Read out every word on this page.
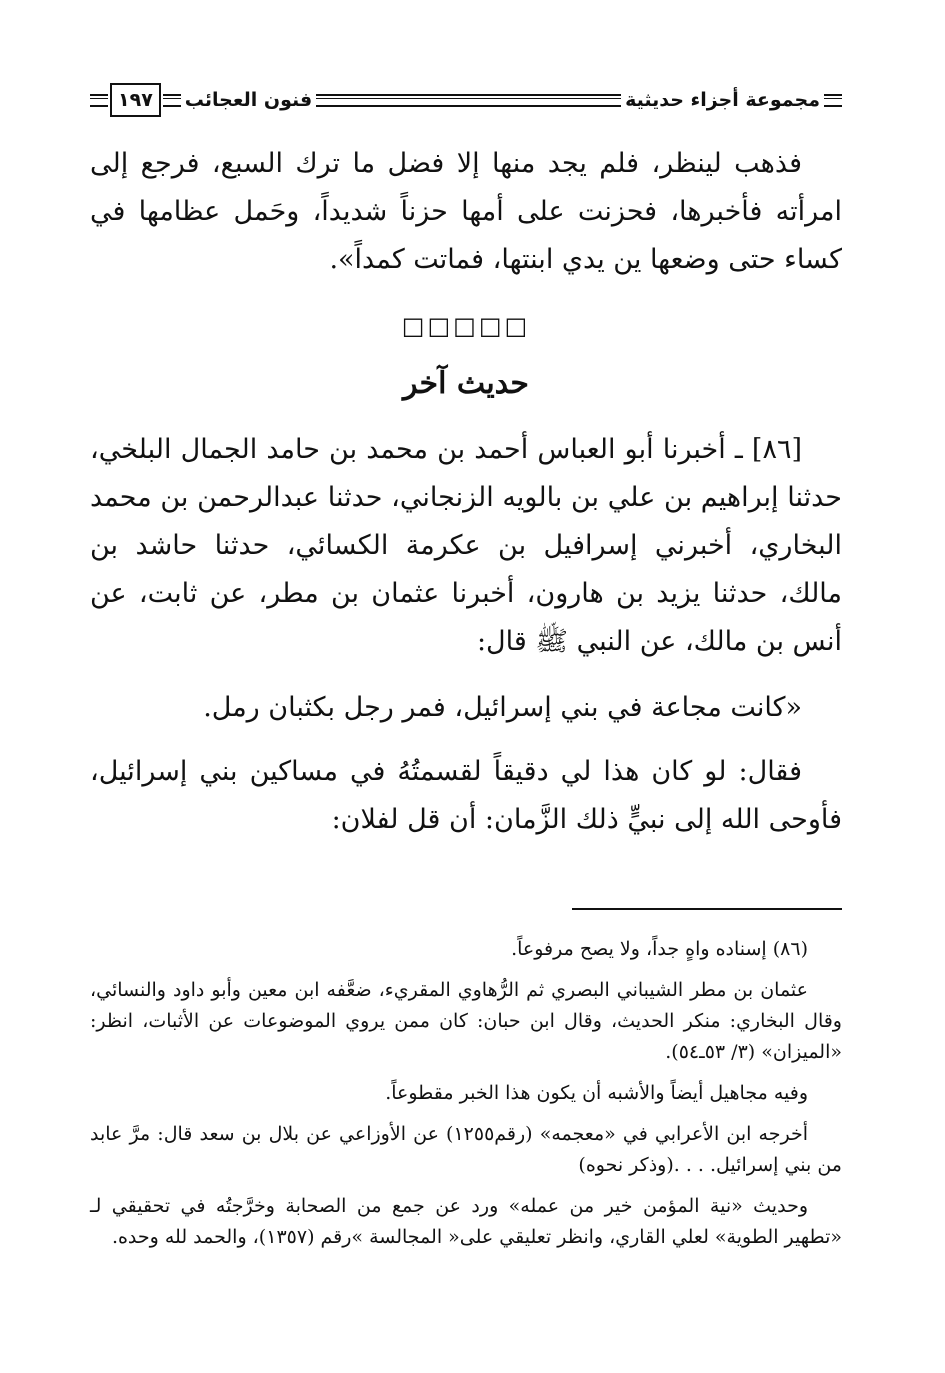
١٩٧	فنون العجائب	مجموعة أجزاء حديثية

فذهب لينظر، فلم يجد منها إلا فضل ما ترك السبع، فرجع إلى امرأته فأخبرها، فحزنت على أمها حزناً شديداً، وحَمل عظامها في كساء حتى وضعها ين يدي ابنتها، فماتت كمداً».

□□□□□
حديث آخر

[٨٦] ـ أخبرنا أبو العباس أحمد بن محمد بن حامد الجمال البلخي، حدثنا إبراهيم بن علي بن بالويه الزنجاني، حدثنا عبدالرحمن بن محمد البخاري، أخبرني إسرافيل بن عكرمة الكسائي، حدثنا حاشد بن مالك، حدثنا يزيد بن هارون، أخبرنا عثمان بن مطر، عن ثابت، عن أنس بن مالك، عن النبي ﷺ قال:

«كانت مجاعة في بني إسرائيل، فمر رجل بكثبان رمل.

فقال: لو كان هذا لي دقيقاً لقسمتُهُ في مساكين بني إسرائيل، فأوحى الله إلى نبيٍّ ذلك الزَّمان: أن قل لفلان:

(٨٦) إسناده واهٍ جداً، ولا يصح مرفوعاً.

عثمان بن مطر الشيباني البصري ثم الرُّهاوي المقريء، ضعَّفه ابن معين وأبو داود والنسائي، وقال البخاري: منكر الحديث، وقال ابن حبان: كان ممن يروي الموضوعات عن الأثبات، انظر: «الميزان» (٣/ ٥٣ـ٥٤).

وفيه مجاهيل أيضاً والأشبه أن يكون هذا الخبر مقطوعاً.

أخرجه ابن الأعرابي في «معجمه» (رقم١٢٥٥) عن الأوزاعي عن بلال بن سعد قال: مرَّ عابد من بني إسرائيل. . . .(وذكر نحوه)

وحديث «نية المؤمن خير من عمله» ورد عن جمع من الصحابة وخرَّجتُه في تحقيقي لـ «تطهير الطوية» لعلي القاري، وانظر تعليقي على« المجالسة »رقم (١٣٥٧)، والحمد لله وحده.
